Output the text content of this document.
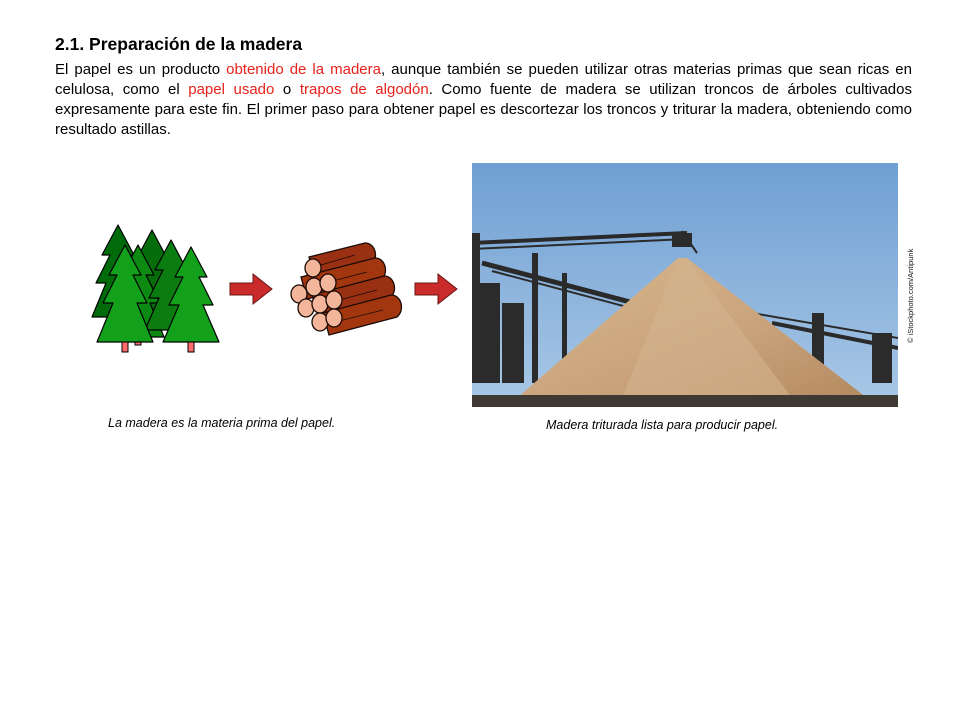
2.1. Preparación de la madera

El papel es un producto obtenido de la madera, aunque también se pueden utilizar otras materias primas que sean ricas en celulosa, como el papel usado o trapos de algodón. Como fuente de madera se utilizan troncos de árboles cultivados expresamente para este fin. El primer paso para obtener papel es descortezar los troncos y triturar la madera, obteniendo como resultado astillas.

© iStockphoto.com/Antipunk
La madera es la materia prima del papel.	Madera triturada lista para producir papel.
